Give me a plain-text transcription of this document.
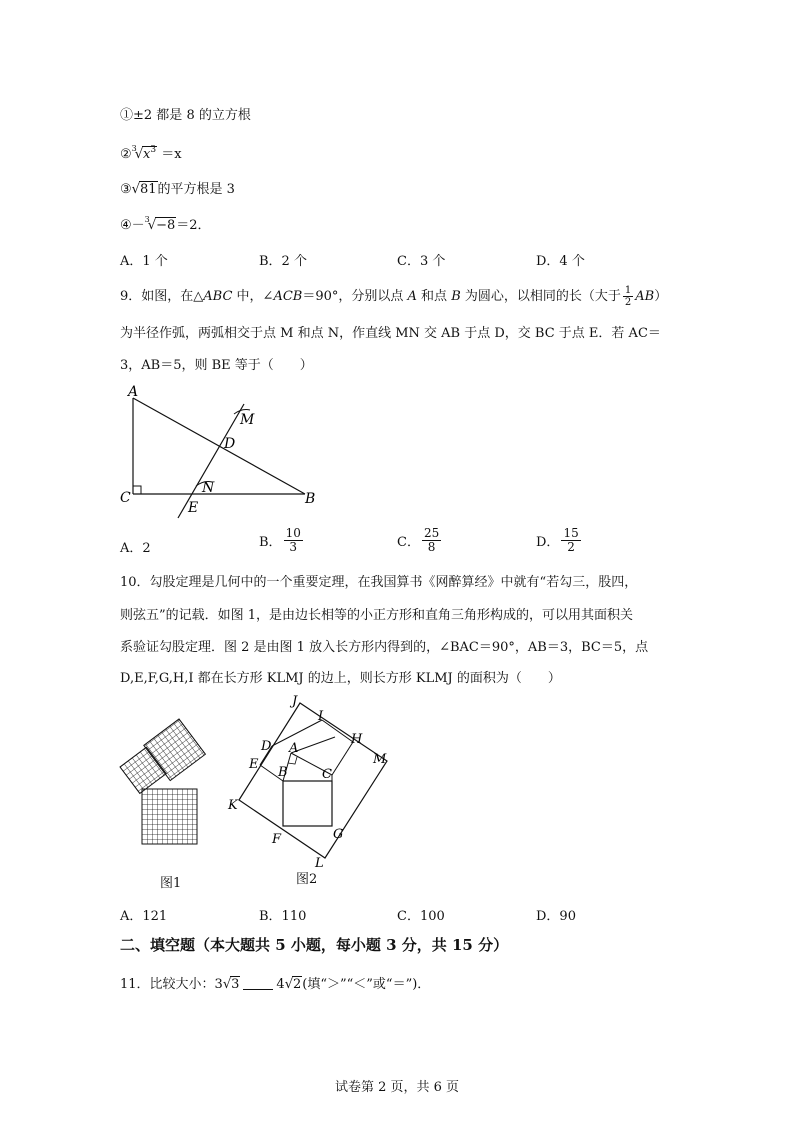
①±2 都是 8 的立方根
$②^3√x^3 =x$
③√81的平方根是 3
④－$^3$√−8＝2．
A．1 个	B．2 个	C．3 个	D．4 个
9．如图，在△ABC 中，∠ACB＝90°，分别以点 A 和点 B 为圆心，以相同的长（大于 $\frac{1}{2} AB$）
为半径作弧，两弧相交于点 M 和点 N，作直线 MN 交 AB 于点 D，交 BC 于点 E．若 AC＝
3，AB＝5，则 BE 等于（　　）
A
C	B
D
E
M
N
A．2	B． $\frac{10}{3}$	C． $\frac{25}{8}$	D． $\frac{15}{2}$
10．勾股定理是几何中的一个重要定理，在我国算书《网醉算经》中就有“若勾三，股四，
则弦五”的记载．如图 1，是由边长相等的小正方形和直角三角形构成的，可以用其面积关
系验证勾股定理．图 2 是由图 1 放入长方形内得到的，∠BAC＝90°，AB＝3，BC＝5，点
D,E,F,G,H,I 都在长方形 KLMJ 的边上，则长方形 KLMJ 的面积为（　　）
图1
J
I
H
M
D A
E
B	C
K
F	G
L
图2
A．121	B．110	C．100	D．90
二、填空题（本大题共 5 小题，每小题 3 分，共 15 分）
11．比较大小：3√3	4√2(填“＞”“＜”或“＝”)．
试卷第 2 页，共 6 页
